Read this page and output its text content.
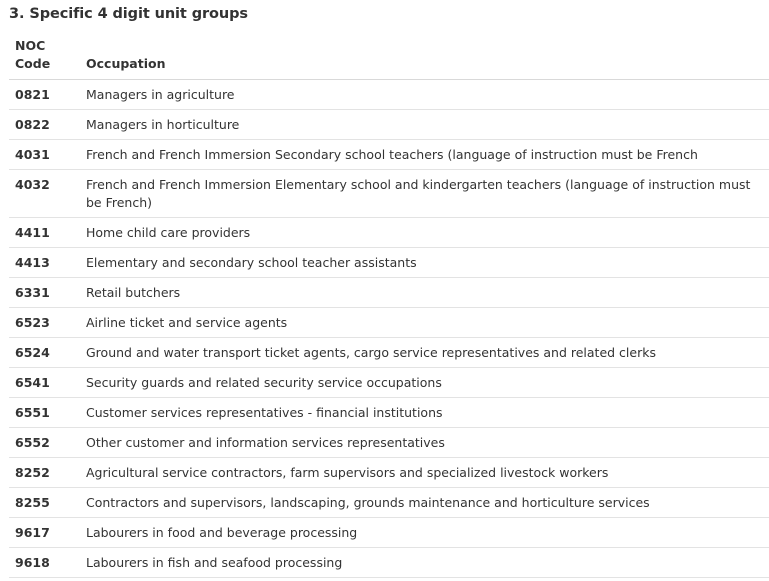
3. Specific 4 digit unit groups
NOC
Code	Occupation
0821	Managers in agriculture
0822	Managers in horticulture
4031	French and French Immersion Secondary school teachers (language of instruction must be French
4032	French and French Immersion Elementary school and kindergarten teachers (language of instruction must be French)
4411	Home child care providers
4413	Elementary and secondary school teacher assistants
6331	Retail butchers
6523	Airline ticket and service agents
6524	Ground and water transport ticket agents, cargo service representatives and related clerks
6541	Security guards and related security service occupations
6551	Customer services representatives - financial institutions
6552	Other customer and information services representatives
8252	Agricultural service contractors, farm supervisors and specialized livestock workers
8255	Contractors and supervisors, landscaping, grounds maintenance and horticulture services
9617	Labourers in food and beverage processing
9618	Labourers in fish and seafood processing
